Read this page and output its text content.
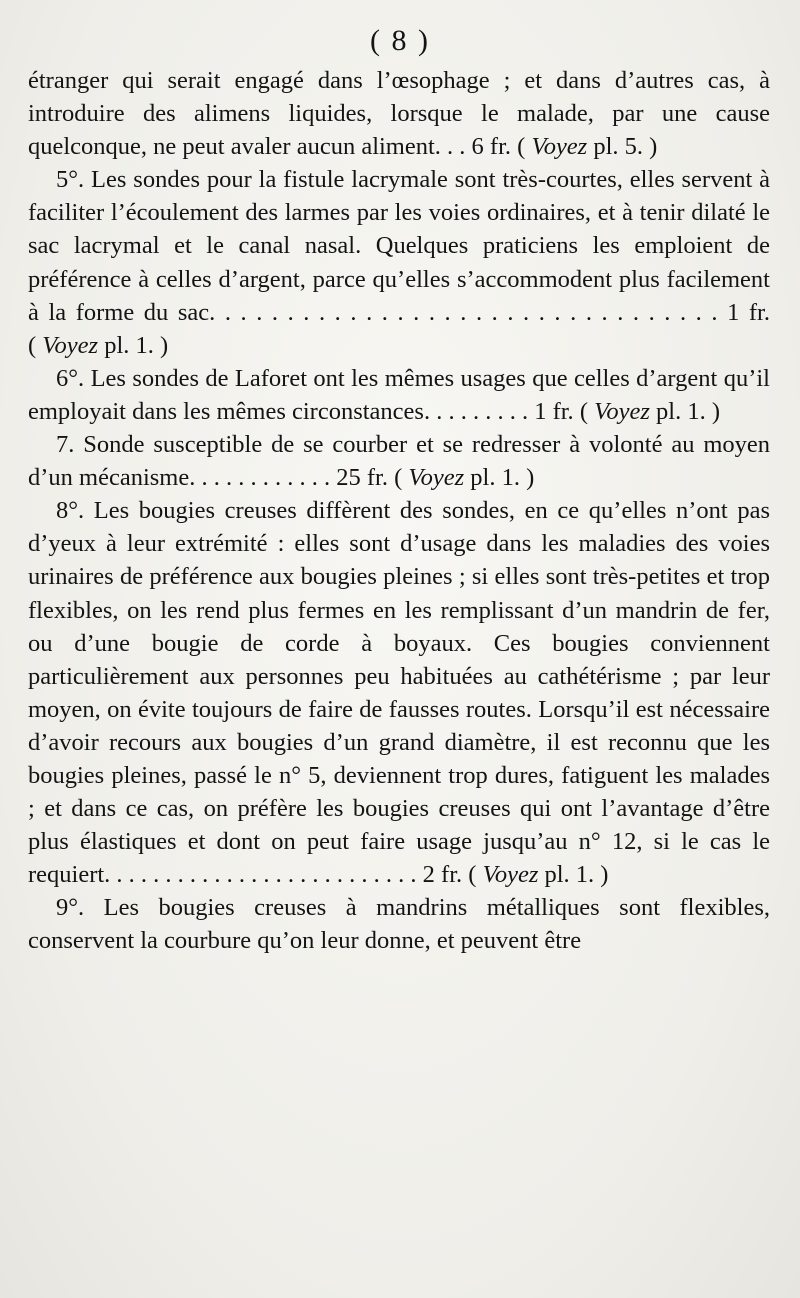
( 8 )

étranger qui serait engagé dans l’œsophage ; et dans d’autres cas, à introduire des alimens liquides, lorsque le malade, par une cause quelconque, ne peut avaler aucun aliment. . . 6 fr. ( Voyez pl. 5. )

5°. Les sondes pour la fistule lacrymale sont très-courtes, elles servent à faciliter l’écoulement des larmes par les voies ordinaires, et à tenir dilaté le sac lacrymal et le canal nasal. Quelques praticiens les emploient de préférence à celles d’argent, parce qu’elles s’accommodent plus facilement à la forme du sac. . . . . . . . . . . . . . . . . . . . . . . . . . . . . . . . . 1 fr. ( Voyez pl. 1. )

6°. Les sondes de Laforet ont les mêmes usages que celles d’argent qu’il employait dans les mêmes circonstances. . . . . . . . . 1 fr. ( Voyez pl. 1. )

7. Sonde susceptible de se courber et se redresser à volonté au moyen d’un mécanisme. . . . . . . . . . . . 25 fr. ( Voyez pl. 1. )

8°. Les bougies creuses diffèrent des sondes, en ce qu’elles n’ont pas d’yeux à leur extrémité : elles sont d’usage dans les maladies des voies urinaires de préférence aux bougies pleines ; si elles sont très-petites et trop flexibles, on les rend plus fermes en les remplissant d’un mandrin de fer, ou d’une bougie de corde à boyaux. Ces bougies conviennent particulièrement aux personnes peu habituées au cathétérisme ; par leur moyen, on évite toujours de faire de fausses routes. Lorsqu’il est nécessaire d’avoir recours aux bougies d’un grand diamètre, il est reconnu que les bougies pleines, passé le n° 5, deviennent trop dures, fatiguent les malades ; et dans ce cas, on préfère les bougies creuses qui ont l’avantage d’être plus élastiques et dont on peut faire usage jusqu’au n° 12, si le cas le requiert. . . . . . . . . . . . . . . . . . . . . . . . . . 2 fr. ( Voyez pl. 1. )

9°. Les bougies creuses à mandrins métalliques sont flexibles, conservent la courbure qu’on leur donne, et peuvent être
